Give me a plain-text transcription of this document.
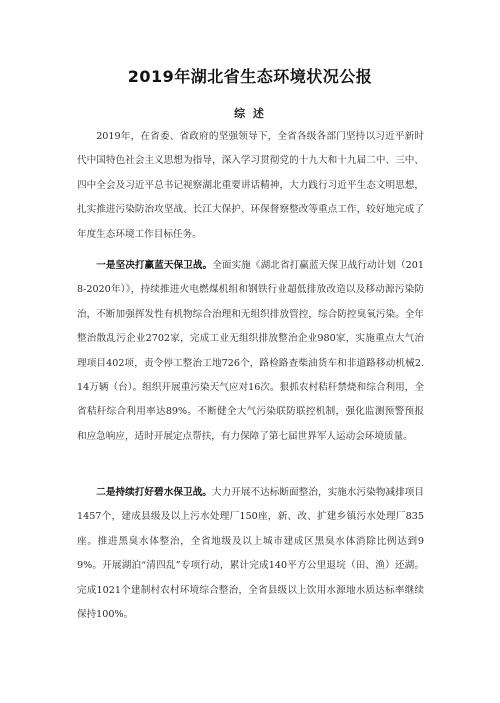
2019年湖北省生态环境状况公报
综 述

2019年，在省委、省政府的坚强领导下，全省各级各部门坚持以习近平新时代中国特色社会主义思想为指导，深入学习贯彻党的十九大和十九届二中、三中、四中全会及习近平总书记视察湖北重要讲话精神，大力践行习近平生态文明思想，扎实推进污染防治攻坚战、长江大保护、环保督察整改等重点工作，较好地完成了年度生态环境工作目标任务。

一是坚决打赢蓝天保卫战。全面实施《湖北省打赢蓝天保卫战行动计划（2018-2020年）》，持续推进火电燃煤机组和钢铁行业超低排放改造以及移动源污染防治，不断加强挥发性有机物综合治理和无组织排放管控，综合防控臭氧污染。全年整治散乱污企业2702家，完成工业无组织排放整治企业980家，实施重点大气治理项目402项，责令停工整治工地726个，路检路查柴油货车和非道路移动机械2.14万辆（台）。组织开展重污染天气应对16次。狠抓农村秸秆禁烧和综合利用，全省秸秆综合利用率达89%。不断健全大气污染联防联控机制，强化监测预警预报和应急响应，适时开展定点帮扶，有力保障了第七届世界军人运动会环境质量。

二是持续打好碧水保卫战。大力开展不达标断面整治，实施水污染物减排项目1457个，建成县级及以上污水处理厂150座，新、改、扩建乡镇污水处理厂835座。推进黑臭水体整治，全省地级及以上城市建成区黑臭水体消除比例达到99%。开展湖泊“清四乱”专项行动，累计完成140平方公里退垸（田、渔）还湖。完成1021个建制村农村环境综合整治，全省县级以上饮用水源地水质达标率继续保持100%。
